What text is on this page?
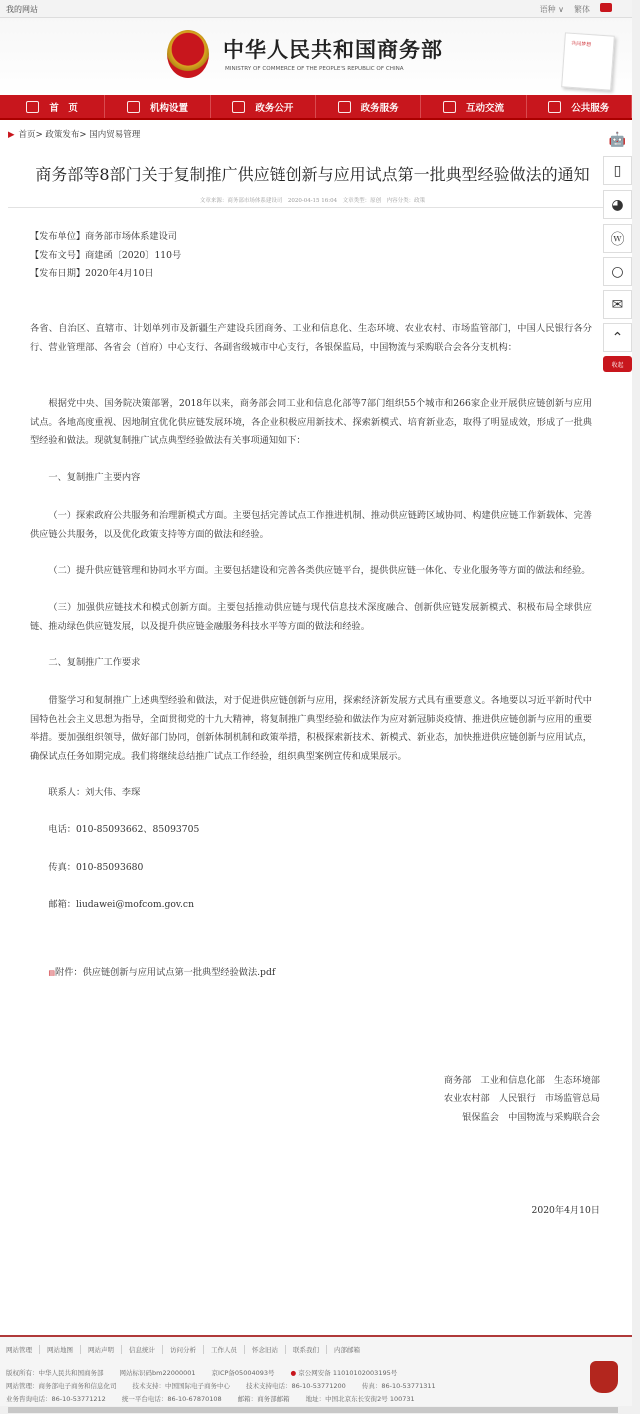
我的网站	语种 ∨ 繁体
中华人民共和国商务部
MINISTRY OF COMMERCE OF THE PEOPLE'S REPUBLIC OF CHINA
共同梦想
首　页	机构设置	政务公开	政务服务	互动交流	公共服务
▶ 首页> 政策发布> 国内贸易管理
商务部等8部门关于复制推广供应链创新与应用试点第一批典型经验做法的通知
文章来源：商务部市场体系建设司　2020-04-15 16:04　文章类型：原创　内容分类：政策
【发布单位】商务部市场体系建设司
【发布文号】商建函〔2020〕110号
【发布日期】2020年4月10日
各省、自治区、直辖市、计划单列市及新疆生产建设兵团商务、工业和信息化、生态环境、农业农村、市场监管部门，中国人民银行各分行、营业管理部、各省会（首府）中心支行、各副省级城市中心支行，各银保监局，中国物流与采购联合会各分支机构：
根据党中央、国务院决策部署，2018年以来，商务部会同工业和信息化部等7部门组织55个城市和266家企业开展供应链创新与应用试点。各地高度重视、因地制宜优化供应链发展环境，各企业积极应用新技术、探索新模式、培育新业态，取得了明显成效，形成了一批典型经验和做法。现就复制推广试点典型经验做法有关事项通知如下：
一、复制推广主要内容
（一）探索政府公共服务和治理新模式方面。主要包括完善试点工作推进机制、推动供应链跨区域协同、构建供应链工作新载体、完善供应链公共服务，以及优化政策支持等方面的做法和经验。
（二）提升供应链管理和协同水平方面。主要包括建设和完善各类供应链平台，提供供应链一体化、专业化服务等方面的做法和经验。
（三）加强供应链技术和模式创新方面。主要包括推动供应链与现代信息技术深度融合、创新供应链发展新模式、积极布局全球供应链、推动绿色供应链发展，以及提升供应链金融服务科技水平等方面的做法和经验。
二、复制推广工作要求
借鉴学习和复制推广上述典型经验和做法，对于促进供应链创新与应用，探索经济新发展方式具有重要意义。各地要以习近平新时代中国特色社会主义思想为指导，全面贯彻党的十九大精神，将复制推广典型经验和做法作为应对新冠肺炎疫情、推进供应链创新与应用的重要举措。要加强组织领导，做好部门协同，创新体制机制和政策举措，积极探索新技术、新模式、新业态，加快推进供应链创新与应用试点，确保试点任务如期完成。我们将继续总结推广试点工作经验，组织典型案例宣传和成果展示。
联系人：刘大伟、李琛
电话：010-85093662、85093705
传真：010-85093680
邮箱：liudawei@mofcom.gov.cn
▤附件：供应链创新与应用试点第一批典型经验做法.pdf
商务部　工业和信息化部　生态环境部
农业农村部　人民银行　市场监管总局
银保监会　中国物流与采购联合会
2020年4月10日
🤖
▯
◕
ⓦ
○
✉
⌃
收起
网站管理	网站地图	网站声明	信息统计	访问分析	工作人员	怀念旧站	联系我们	内部邮箱
版权所有：中华人民共和国商务部 网站标识码bm22000001 京ICP备05004093号 ● 京公网安备 11010102003195号
网站管理：商务部电子商务和信息化司 技术支持：中国国际电子商务中心 技术支持电话：86-10-53771200 传真：86-10-53771311
业务咨询电话：86-10-53771212 统一平台电话：86-10-67870108 邮箱：商务部邮箱 地址：中国北京东长安街2号 100731
